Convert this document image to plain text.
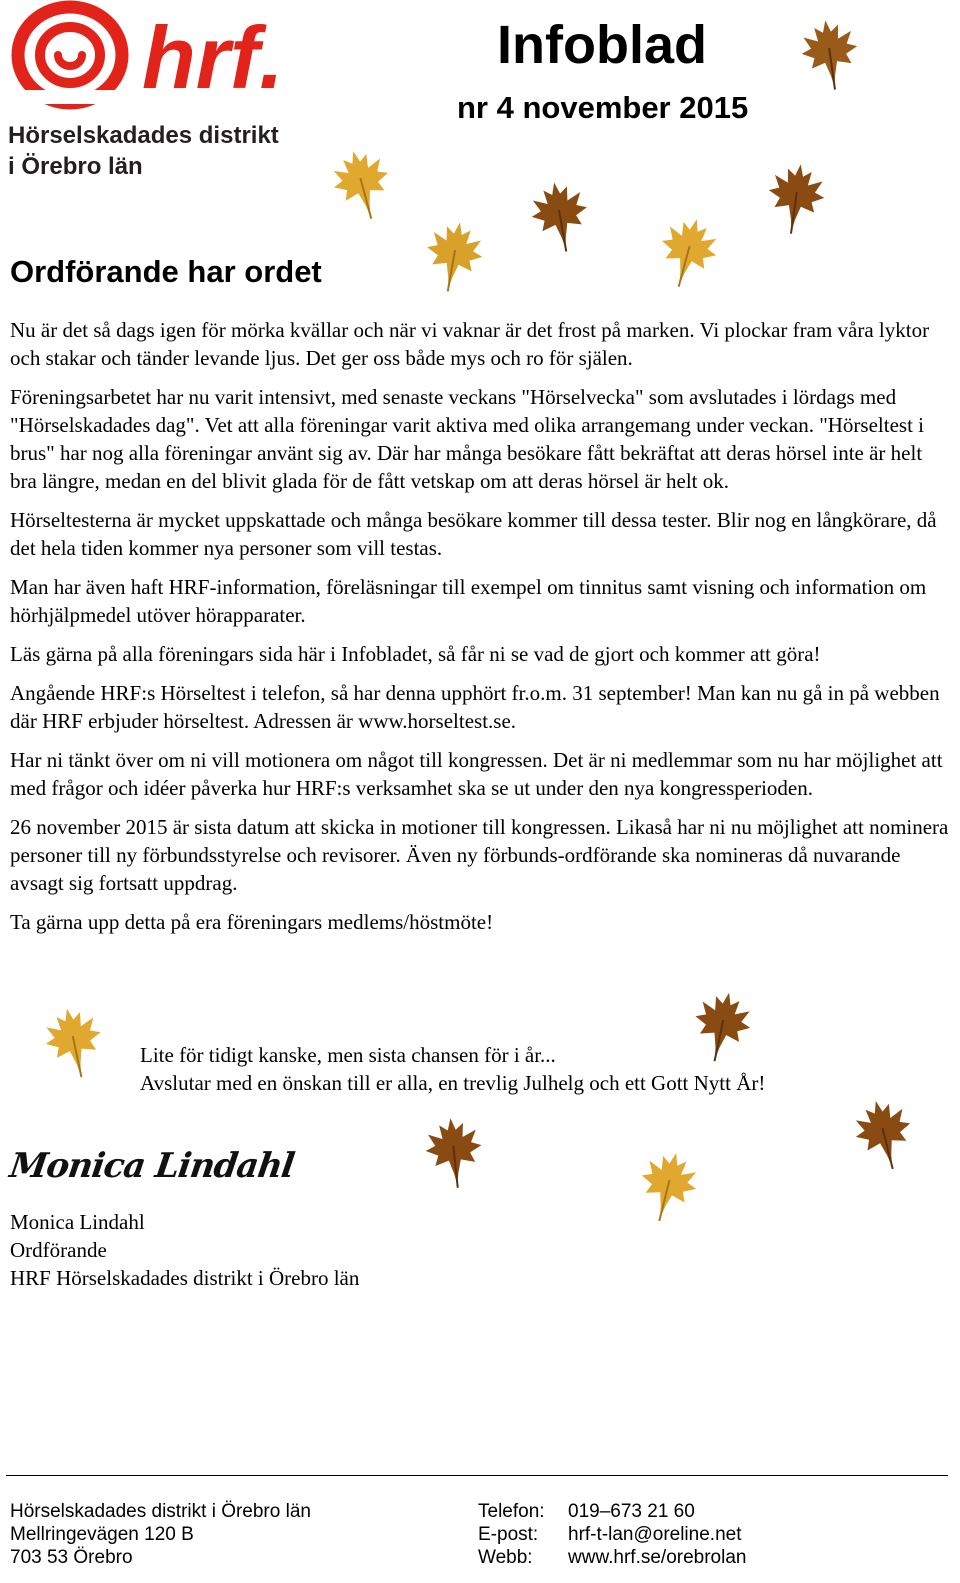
hrf.
Hörselskadades distrikt
i Örebro län
Infoblad
nr 4 november 2015
Ordförande har ordet

Nu är det så dags igen för mörka kvällar och när vi vaknar är det frost på marken. Vi plockar fram våra lyktor och stakar och tänder levande ljus. Det ger oss både mys och ro för själen.

Föreningsarbetet har nu varit intensivt, med senaste veckans "Hörselvecka" som avslutades i lördags med "Hörselskadades dag". Vet att alla föreningar varit aktiva med olika arrangemang under veckan. "Hörseltest i brus" har nog alla föreningar använt sig av. Där har många besökare fått bekräftat att deras hörsel inte är helt bra längre, medan en del blivit glada för de fått vetskap om att deras hörsel är helt ok.

Hörseltesterna är mycket uppskattade och många besökare kommer till dessa tester. Blir nog en långkörare, då det hela tiden kommer nya personer som vill testas.

Man har även haft HRF-information, föreläsningar till exempel om tinnitus samt visning och information om hörhjälpmedel utöver hörapparater.

Läs gärna på alla föreningars sida här i Infobladet, så får ni se vad de gjort och kommer att göra!

Angående HRF:s Hörseltest i telefon, så har denna upphört fr.o.m. 31 september! Man kan nu gå in på webben där HRF erbjuder hörseltest. Adressen är www.horseltest.se.

Har ni tänkt över om ni vill motionera om något till kongressen. Det är ni medlemmar som nu har möjlighet att med frågor och idéer påverka hur HRF:s verksamhet ska se ut under den nya kongressperioden.

26 november 2015 är sista datum att skicka in motioner till kongressen. Likaså har ni nu möjlighet att nominera personer till ny förbundsstyrelse och revisorer. Även ny förbunds-ordförande ska nomineras då nuvarande avsagt sig fortsatt uppdrag.

Ta gärna upp detta på era föreningars medlems/höstmöte!

Lite för tidigt kanske, men sista chansen för i år...
Avslutar med en önskan till er alla, en trevlig Julhelg och ett Gott Nytt År!
Monica Lindahl
Monica Lindahl
Ordförande
HRF Hörselskadades distrikt i Örebro län
Hörselskadades distrikt i Örebro län
Mellringevägen 120 B
703 53 Örebro
Telefon: 019–673 21 60
E-post: hrf-t-lan@oreline.net
Webb: www.hrf.se/orebrolan
